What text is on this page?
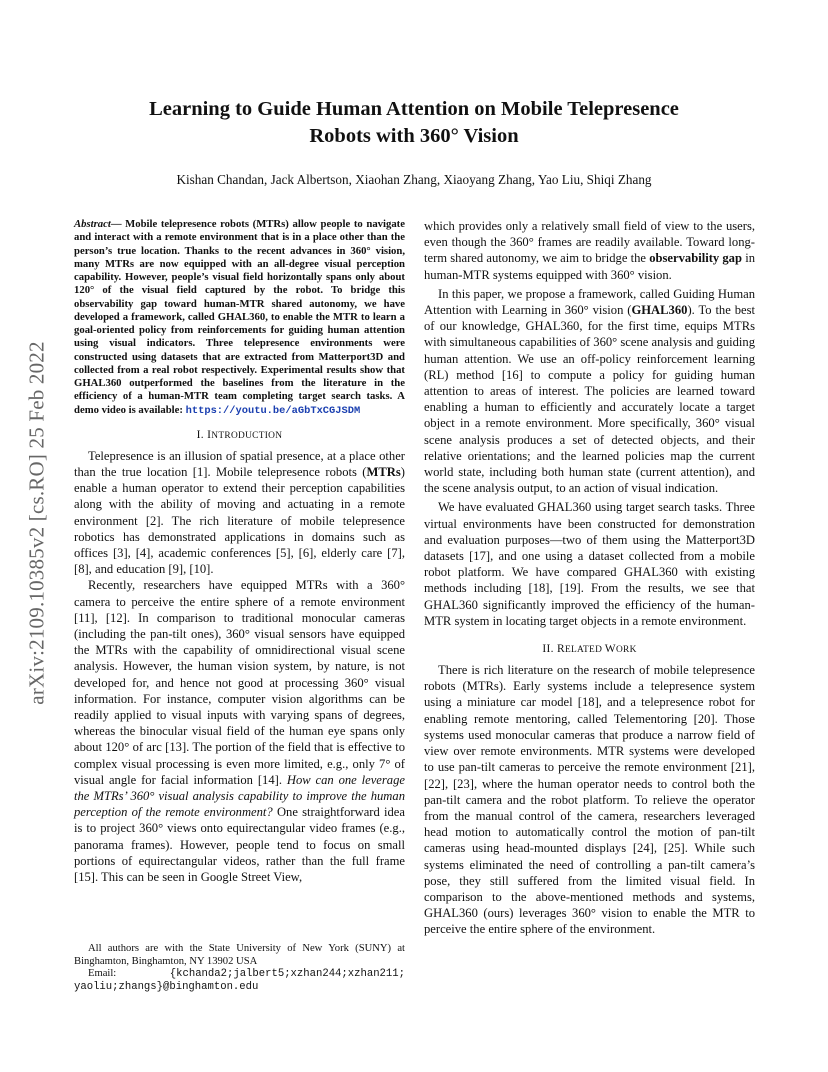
Learning to Guide Human Attention on Mobile Telepresence
Robots with 360° Vision
Kishan Chandan, Jack Albertson, Xiaohan Zhang, Xiaoyang Zhang, Yao Liu, Shiqi Zhang
arXiv:2109.10385v2 [cs.RO] 25 Feb 2022
Abstract— Mobile telepresence robots (MTRs) allow people to navigate and interact with a remote environment that is in a place other than the person’s true location. Thanks to the recent advances in 360° vision, many MTRs are now equipped with an all-degree visual perception capability. However, people’s visual field horizontally spans only about 120° of the visual field captured by the robot. To bridge this observability gap toward human-MTR shared autonomy, we have developed a framework, called GHAL360, to enable the MTR to learn a goal-oriented policy from reinforcements for guiding human attention using visual indicators. Three telepresence environments were constructed using datasets that are extracted from Matterport3D and collected from a real robot respectively. Experimental results show that GHAL360 outperformed the baselines from the literature in the efficiency of a human-MTR team completing target search tasks. A demo video is available: https://youtu.be/aGbTxCGJSDM
I. INTRODUCTION

Telepresence is an illusion of spatial presence, at a place other than the true location [1]. Mobile telepresence robots (MTRs) enable a human operator to extend their perception capabilities along with the ability of moving and actuating in a remote environment [2]. The rich literature of mobile telepresence robotics has demonstrated applications in domains such as offices [3], [4], academic conferences [5], [6], elderly care [7], [8], and education [9], [10].

Recently, researchers have equipped MTRs with a 360° camera to perceive the entire sphere of a remote environment [11], [12]. In comparison to traditional monocular cameras (including the pan-tilt ones), 360° visual sensors have equipped the MTRs with the capability of omnidirectional visual scene analysis. However, the human vision system, by nature, is not developed for, and hence not good at processing 360° visual information. For instance, computer vision algorithms can be readily applied to visual inputs with varying spans of degrees, whereas the binocular visual field of the human eye spans only about 120° of arc [13]. The portion of the field that is effective to complex visual processing is even more limited, e.g., only 7° of visual angle for facial information [14]. How can one leverage the MTRs’ 360° visual analysis capability to improve the human perception of the remote environment? One straightforward idea is to project 360° views onto equirectangular video frames (e.g., panorama frames). However, people tend to focus on small portions of equirectangular videos, rather than the full frame [15]. This can be seen in Google Street View,

All authors are with the State University of New York (SUNY) at Binghamton, Binghamton, NY 13902 USA
Email:	{kchanda2;jalbert5;xzhan244;xzhan211;
yaoliu;zhangs}@binghamton.edu

which provides only a relatively small field of view to the users, even though the 360° frames are readily available. Toward long-term shared autonomy, we aim to bridge the observability gap in human-MTR systems equipped with 360° vision.

In this paper, we propose a framework, called Guiding Human Attention with Learning in 360° vision (GHAL360). To the best of our knowledge, GHAL360, for the first time, equips MTRs with simultaneous capabilities of 360° scene analysis and guiding human attention. We use an off-policy reinforcement learning (RL) method [16] to compute a policy for guiding human attention to areas of interest. The policies are learned toward enabling a human to efficiently and accurately locate a target object in a remote environment. More specifically, 360° visual scene analysis produces a set of detected objects, and their relative orientations; and the learned policies map the current world state, including both human state (current attention), and the scene analysis output, to an action of visual indication.

We have evaluated GHAL360 using target search tasks. Three virtual environments have been constructed for demonstration and evaluation purposes—two of them using the Matterport3D datasets [17], and one using a dataset collected from a mobile robot platform. We have compared GHAL360 with existing methods including [18], [19]. From the results, we see that GHAL360 significantly improved the efficiency of the human-MTR system in locating target objects in a remote environment.

II. RELATED WORK

There is rich literature on the research of mobile telepresence robots (MTRs). Early systems include a telepresence system using a miniature car model [18], and a telepresence robot for enabling remote mentoring, called Telementoring [20]. Those systems used monocular cameras that produce a narrow field of view over remote environments. MTR systems were developed to use pan-tilt cameras to perceive the remote environment [21], [22], [23], where the human operator needs to control both the pan-tilt camera and the robot platform. To relieve the operator from the manual control of the camera, researchers leveraged head motion to automatically control the motion of pan-tilt cameras using head-mounted displays [24], [25]. While such systems eliminated the need of controlling a pan-tilt camera’s pose, they still suffered from the limited visual field. In comparison to the above-mentioned methods and systems, GHAL360 (ours) leverages 360° vision to enable the MTR to perceive the entire sphere of the environment.
